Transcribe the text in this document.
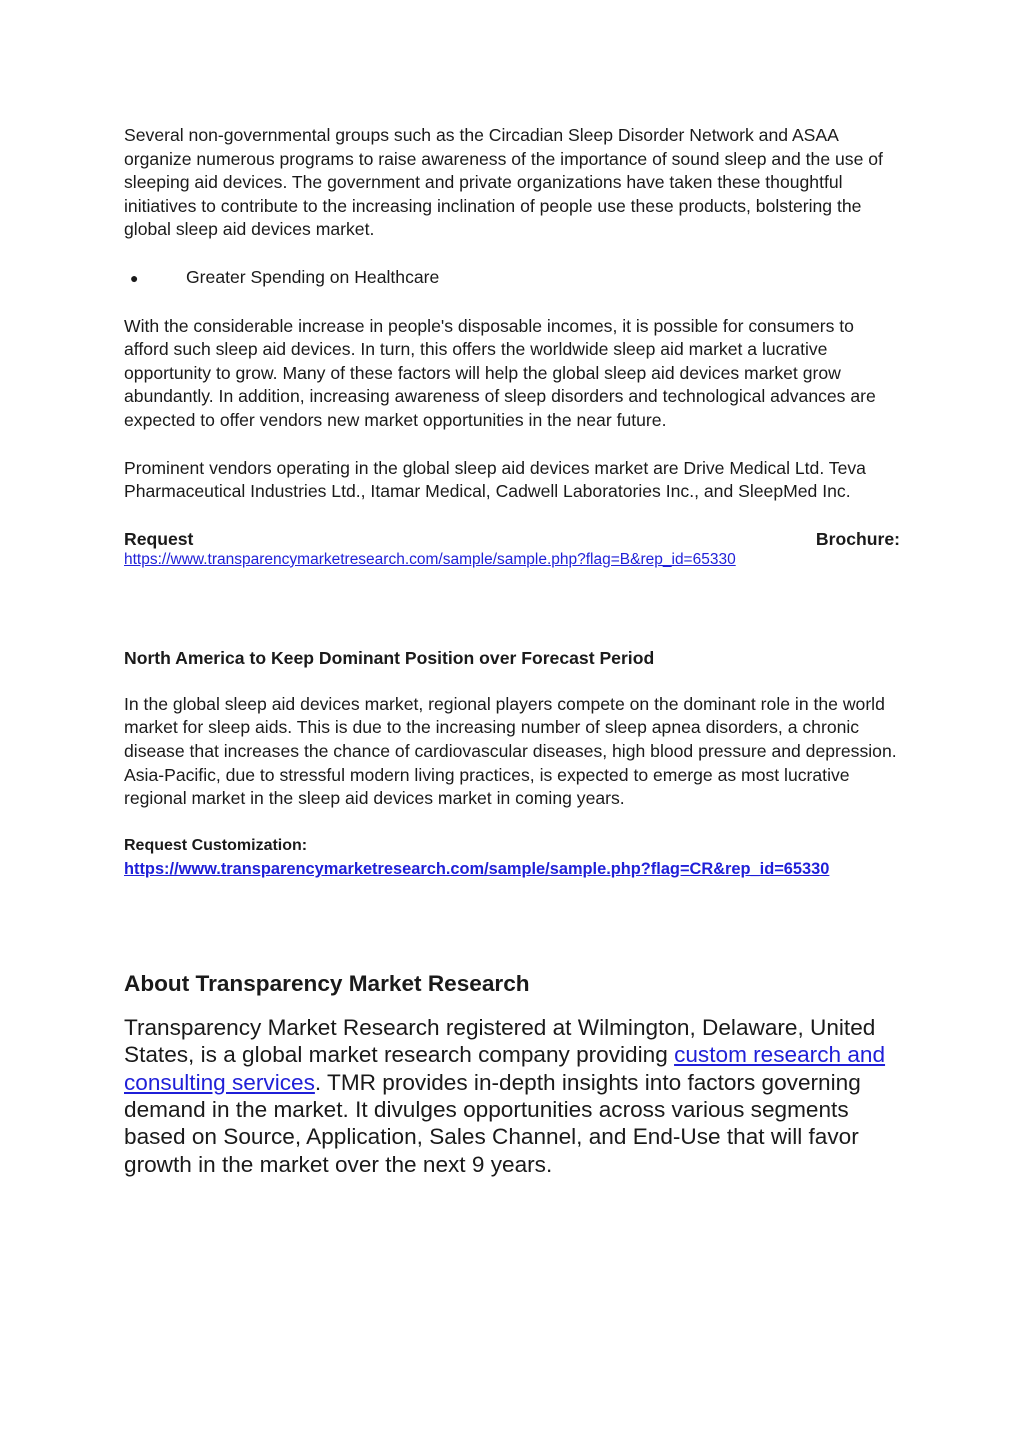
Several non-governmental groups such as the Circadian Sleep Disorder Network and ASAA organize numerous programs to raise awareness of the importance of sound sleep and the use of sleeping aid devices. The government and private organizations have taken these thoughtful initiatives to contribute to the increasing inclination of people use these products, bolstering the global sleep aid devices market.

●	Greater Spending on Healthcare

With the considerable increase in people's disposable incomes, it is possible for consumers to afford such sleep aid devices. In turn, this offers the worldwide sleep aid market a lucrative opportunity to grow. Many of these factors will help the global sleep aid devices market grow abundantly. In addition, increasing awareness of sleep disorders and technological advances are expected to offer vendors new market opportunities in the near future.

Prominent vendors operating in the global sleep aid devices market are Drive Medical Ltd. Teva Pharmaceutical Industries Ltd., Itamar Medical, Cadwell Laboratories Inc., and SleepMed Inc.

Request	Brochure:
https://www.transparencymarketresearch.com/sample/sample.php?flag=B&rep_id=65330
North America to Keep Dominant Position over Forecast Period

In the global sleep aid devices market, regional players compete on the dominant role in the world market for sleep aids. This is due to the increasing number of sleep apnea disorders, a chronic disease that increases the chance of cardiovascular diseases, high blood pressure and depression. Asia-Pacific, due to stressful modern living practices, is expected to emerge as most lucrative regional market in the sleep aid devices market in coming years.

Request Customization:
https://www.transparencymarketresearch.com/sample/sample.php?flag=CR&rep_id=65330
About Transparency Market Research

Transparency Market Research registered at Wilmington, Delaware, United States, is a global market research company providing custom research and consulting services. TMR provides in-depth insights into factors governing demand in the market. It divulges opportunities across various segments based on Source, Application, Sales Channel, and End-Use that will favor growth in the market over the next 9 years.
